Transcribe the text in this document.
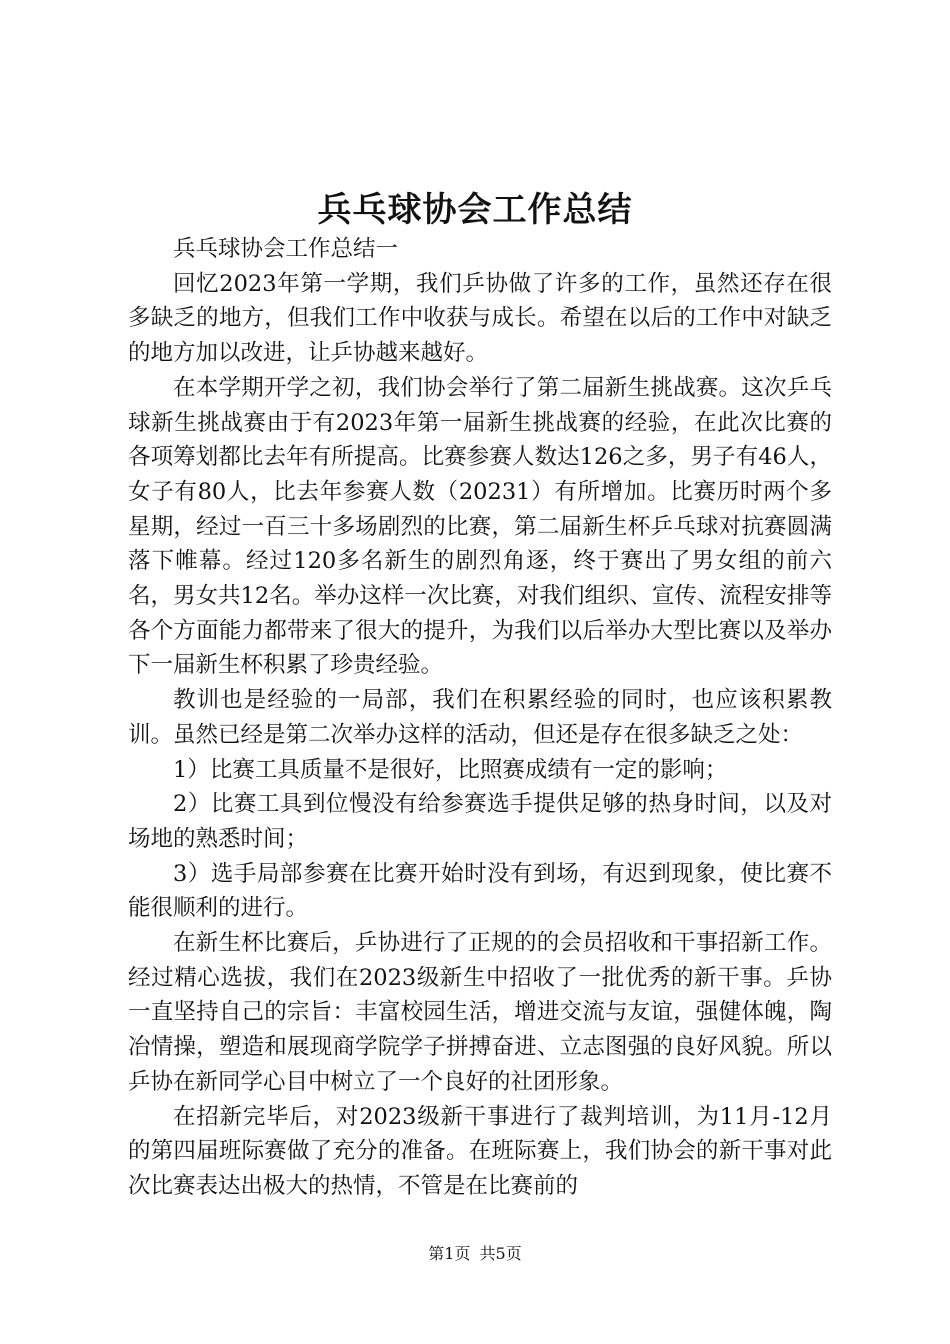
兵乓球协会工作总结

兵乓球协会工作总结一

回忆2023年第一学期，我们乒协做了许多的工作，虽然还存在很多缺乏的地方，但我们工作中收获与成长。希望在以后的工作中对缺乏的地方加以改进，让乒协越来越好。

在本学期开学之初，我们协会举行了第二届新生挑战赛。这次乒乓球新生挑战赛由于有2023年第一届新生挑战赛的经验，在此次比赛的各项筹划都比去年有所提高。比赛参赛人数达126之多，男子有46人，女子有80人，比去年参赛人数（20231）有所增加。比赛历时两个多星期，经过一百三十多场剧烈的比赛，第二届新生杯乒乓球对抗赛圆满落下帷幕。经过120多名新生的剧烈角逐，终于赛出了男女组的前六名，男女共12名。举办这样一次比赛，对我们组织、宣传、流程安排等各个方面能力都带来了很大的提升，为我们以后举办大型比赛以及举办下一届新生杯积累了珍贵经验。

教训也是经验的一局部，我们在积累经验的同时，也应该积累教训。虽然已经是第二次举办这样的活动，但还是存在很多缺乏之处：

1）比赛工具质量不是很好，比照赛成绩有一定的影响；

2）比赛工具到位慢没有给参赛选手提供足够的热身时间，以及对场地的熟悉时间；

3）选手局部参赛在比赛开始时没有到场，有迟到现象，使比赛不能很顺利的进行。

在新生杯比赛后，乒协进行了正规的的会员招收和干事招新工作。经过精心选拔，我们在2023级新生中招收了一批优秀的新干事。乒协一直坚持自己的宗旨：丰富校园生活，增进交流与友谊，强健体魄，陶冶情操，塑造和展现商学院学子拼搏奋进、立志图强的良好风貌。所以乒协在新同学心目中树立了一个良好的社团形象。

在招新完毕后，对2023级新干事进行了裁判培训，为11月-12月的第四届班际赛做了充分的准备。在班际赛上，我们协会的新干事对此次比赛表达出极大的热情，不管是在比赛前的

第1页 共5页
